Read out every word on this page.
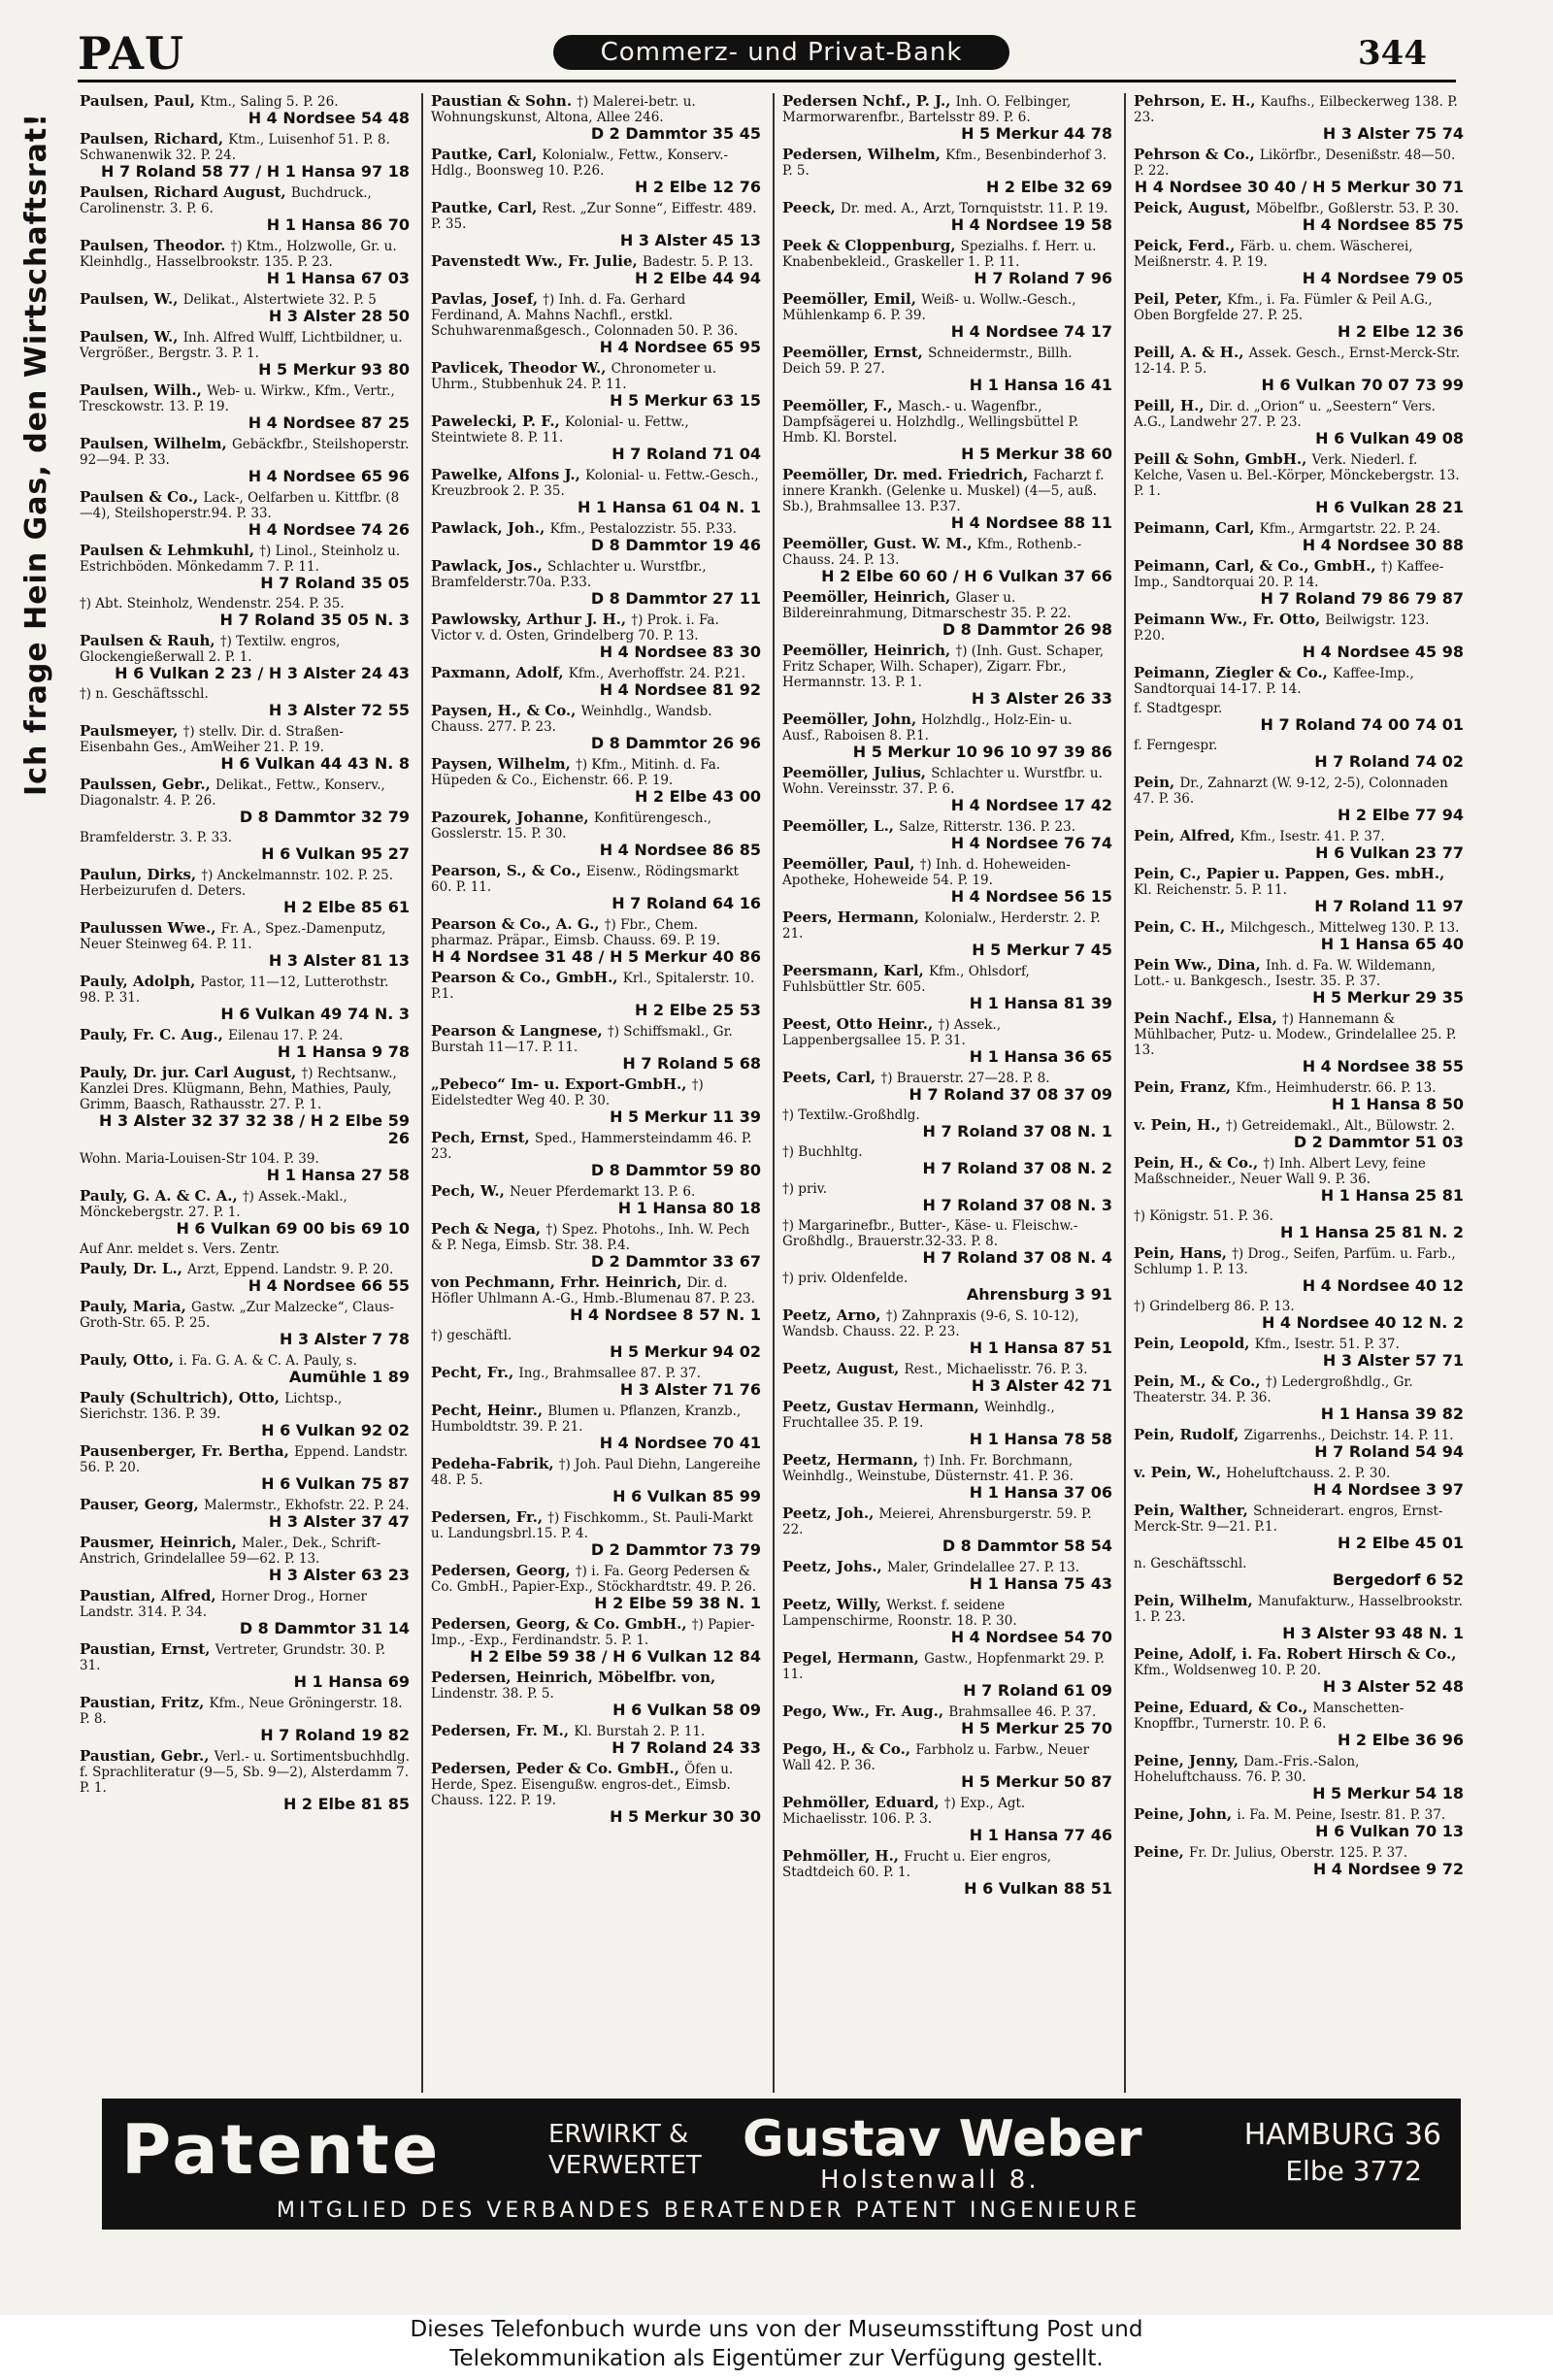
PAU	Commerz- und Privat-Bank	344
Ich frage Hein Gas, den Wirtschaftsrat!
Paulsen, Paul, Ktm., Saling 5. P. 26.
H 4 Nordsee 54 48
Paulsen, Richard, Ktm., Luisenhof 51. P. 8. Schwanenwik 32. P. 24.
H 7 Roland 58 77 / H 1 Hansa 97 18
Paulsen, Richard August, Buchdruck., Carolinenstr. 3. P. 6.
H 1 Hansa 86 70
Paulsen, Theodor. †) Ktm., Holzwolle, Gr. u. Kleinhdlg., Hasselbrookstr. 135. P. 23.
H 1 Hansa 67 03
Paulsen, W., Delikat., Alstertwiete 32. P. 5
H 3 Alster 28 50
Paulsen, W., Inh. Alfred Wulff, Lichtbildner, u. Vergrößer., Bergstr. 3. P. 1.
H 5 Merkur 93 80
Paulsen, Wilh., Web- u. Wirkw., Kfm., Vertr., Tresckowstr. 13. P. 19.
H 4 Nordsee 87 25
Paulsen, Wilhelm, Gebäckfbr., Steilshoperstr. 92—94. P. 33.
H 4 Nordsee 65 96
Paulsen & Co., Lack-, Oelfarben u. Kittfbr. (8—4), Steilshoperstr.94. P. 33.
H 4 Nordsee 74 26
Paulsen & Lehmkuhl, †) Linol., Steinholz u. Estrichböden. Mönkedamm 7. P. 11.
H 7 Roland 35 05
†) Abt. Steinholz, Wendenstr. 254. P. 35.
H 7 Roland 35 05 N. 3
Paulsen & Rauh, †) Textilw. engros, Glockengießerwall 2. P. 1.
H 6 Vulkan 2 23 / H 3 Alster 24 43
†) n. Geschäftsschl.
H 3 Alster 72 55
Paulsmeyer, †) stellv. Dir. d. Straßen-Eisenbahn Ges., AmWeiher 21. P. 19.
H 6 Vulkan 44 43 N. 8
Paulssen, Gebr., Delikat., Fettw., Konserv., Diagonalstr. 4. P. 26.
D 8 Dammtor 32 79
Bramfelderstr. 3. P. 33.
H 6 Vulkan 95 27
Paulun, Dirks, †) Anckelmannstr. 102. P. 25. Herbeizurufen d. Deters.
H 2 Elbe 85 61
Paulussen Wwe., Fr. A., Spez.-Damenputz, Neuer Steinweg 64. P. 11.
H 3 Alster 81 13
Pauly, Adolph, Pastor, 11—12, Lutterothstr. 98. P. 31.
H 6 Vulkan 49 74 N. 3
Pauly, Fr. C. Aug., Eilenau 17. P. 24.
H 1 Hansa 9 78
Pauly, Dr. jur. Carl August, †) Rechtsanw., Kanzlei Dres. Klügmann, Behn, Mathies, Pauly, Grimm, Baasch, Rathausstr. 27. P. 1.
H 3 Alster 32 37 32 38 / H 2 Elbe 59 26
Wohn. Maria-Louisen-Str 104. P. 39.
H 1 Hansa 27 58
Pauly, G. A. & C. A., †) Assek.-Makl., Mönckebergstr. 27. P. 1.
H 6 Vulkan 69 00 bis 69 10
Auf Anr. meldet s. Vers. Zentr.
Pauly, Dr. L., Arzt, Eppend. Landstr. 9. P. 20.
H 4 Nordsee 66 55
Pauly, Maria, Gastw. „Zur Malzecke“, Claus-Groth-Str. 65. P. 25.
H 3 Alster 7 78
Pauly, Otto, i. Fa. G. A. & C. A. Pauly, s.
Aumühle 1 89
Pauly (Schultrich), Otto, Lichtsp., Sierichstr. 136. P. 39.
H 6 Vulkan 92 02
Pausenberger, Fr. Bertha, Eppend. Landstr. 56. P. 20.
H 6 Vulkan 75 87
Pauser, Georg, Malermstr., Ekhofstr. 22. P. 24.
H 3 Alster 37 47
Pausmer, Heinrich, Maler., Dek., Schrift-Anstrich, Grindelallee 59—62. P. 13.
H 3 Alster 63 23
Paustian, Alfred, Horner Drog., Horner Landstr. 314. P. 34.
D 8 Dammtor 31 14
Paustian, Ernst, Vertreter, Grundstr. 30. P. 31.
H 1 Hansa 69
Paustian, Fritz, Kfm., Neue Gröningerstr. 18. P. 8.
H 7 Roland 19 82
Paustian, Gebr., Verl.- u. Sortimentsbuchhdlg. f. Sprachliteratur (9—5, Sb. 9—2), Alsterdamm 7. P. 1.
H 2 Elbe 81 85
Paustian & Sohn. †) Malerei-betr. u. Wohnungskunst, Altona, Allee 246.
D 2 Dammtor 35 45
Pautke, Carl, Kolonialw., Fettw., Konserv.-Hdlg., Boonsweg 10. P.26.
H 2 Elbe 12 76
Pautke, Carl, Rest. „Zur Sonne“, Eiffestr. 489. P. 35.
H 3 Alster 45 13
Pavenstedt Ww., Fr. Julie, Badestr. 5. P. 13.
H 2 Elbe 44 94
Pavlas, Josef, †) Inh. d. Fa. Gerhard Ferdinand, A. Mahns Nachfl., erstkl. Schuhwarenmaßgesch., Colonnaden 50. P. 36.
H 4 Nordsee 65 95
Pavlicek, Theodor W., Chronometer u. Uhrm., Stubbenhuk 24. P. 11.
H 5 Merkur 63 15
Pawelecki, P. F., Kolonial- u. Fettw., Steintwiete 8. P. 11.
H 7 Roland 71 04
Pawelke, Alfons J., Kolonial- u. Fettw.-Gesch., Kreuzbrook 2. P. 35.
H 1 Hansa 61 04 N. 1
Pawlack, Joh., Kfm., Pestalozzistr. 55. P.33.
D 8 Dammtor 19 46
Pawlack, Jos., Schlachter u. Wurstfbr., Bramfelderstr.70a. P.33.
D 8 Dammtor 27 11
Pawlowsky, Arthur J. H., †) Prok. i. Fa. Victor v. d. Osten, Grindelberg 70. P. 13.
H 4 Nordsee 83 30
Paxmann, Adolf, Kfm., Averhoffstr. 24. P.21.
H 4 Nordsee 81 92
Paysen, H., & Co., Weinhdlg., Wandsb. Chauss. 277. P. 23.
D 8 Dammtor 26 96
Paysen, Wilhelm, †) Kfm., Mitinh. d. Fa. Hüpeden & Co., Eichenstr. 66. P. 19.
H 2 Elbe 43 00
Pazourek, Johanne, Konfitürengesch., Gosslerstr. 15. P. 30.
H 4 Nordsee 86 85
Pearson, S., & Co., Eisenw., Rödingsmarkt 60. P. 11.
H 7 Roland 64 16
Pearson & Co., A. G., †) Fbr., Chem. pharmaz. Präpar., Eimsb. Chauss. 69. P. 19.
H 4 Nordsee 31 48 / H 5 Merkur 40 86
Pearson & Co., GmbH., Krl., Spitalerstr. 10. P.1.
H 2 Elbe 25 53
Pearson & Langnese, †) Schiffsmakl., Gr. Burstah 11—17. P. 11.
H 7 Roland 5 68
„Pebeco“ Im- u. Export-GmbH., †) Eidelstedter Weg 40. P. 30.
H 5 Merkur 11 39
Pech, Ernst, Sped., Hammersteindamm 46. P. 23.
D 8 Dammtor 59 80
Pech, W., Neuer Pferdemarkt 13. P. 6.
H 1 Hansa 80 18
Pech & Nega, †) Spez. Photohs., Inh. W. Pech & P. Nega, Eimsb. Str. 38. P.4.
D 2 Dammtor 33 67
von Pechmann, Frhr. Heinrich, Dir. d. Höfler Uhlmann A.-G., Hmb.-Blumenau 87. P. 23.
H 4 Nordsee 8 57 N. 1
†) geschäftl.
H 5 Merkur 94 02
Pecht, Fr., Ing., Brahmsallee 87. P. 37.
H 3 Alster 71 76
Pecht, Heinr., Blumen u. Pflanzen, Kranzb., Humboldtstr. 39. P. 21.
H 4 Nordsee 70 41
Pedeha-Fabrik, †) Joh. Paul Diehn, Langereihe 48. P. 5.
H 6 Vulkan 85 99
Pedersen, Fr., †) Fischkomm., St. Pauli-Markt u. Landungsbrl.15. P. 4.
D 2 Dammtor 73 79
Pedersen, Georg, †) i. Fa. Georg Pedersen & Co. GmbH., Papier-Exp., Stöckhardtstr. 49. P. 26.
H 2 Elbe 59 38 N. 1
Pedersen, Georg, & Co. GmbH., †) Papier-Imp., -Exp., Ferdinandstr. 5. P. 1.
H 2 Elbe 59 38 / H 6 Vulkan 12 84
Pedersen, Heinrich, Möbelfbr. von, Lindenstr. 38. P. 5.
H 6 Vulkan 58 09
Pedersen, Fr. M., Kl. Burstah 2. P. 11.
H 7 Roland 24 33
Pedersen, Peder & Co. GmbH., Öfen u. Herde, Spez. Eisengußw. engros-det., Eimsb. Chauss. 122. P. 19.
H 5 Merkur 30 30
Pedersen Nchf., P. J., Inh. O. Felbinger, Marmorwarenfbr., Bartelsstr 89. P. 6.
H 5 Merkur 44 78
Pedersen, Wilhelm, Kfm., Besenbinderhof 3. P. 5.
H 2 Elbe 32 69
Peeck, Dr. med. A., Arzt, Tornquiststr. 11. P. 19.
H 4 Nordsee 19 58
Peek & Cloppenburg, Spezialhs. f. Herr. u. Knabenbekleid., Graskeller 1. P. 11.
H 7 Roland 7 96
Peemöller, Emil, Weiß- u. Wollw.-Gesch., Mühlenkamp 6. P. 39.
H 4 Nordsee 74 17
Peemöller, Ernst, Schneidermstr., Billh. Deich 59. P. 27.
H 1 Hansa 16 41
Peemöller, F., Masch.- u. Wagenfbr., Dampfsägerei u. Holzhdlg., Wellingsbüttel P. Hmb. Kl. Borstel.
H 5 Merkur 38 60
Peemöller, Dr. med. Friedrich, Facharzt f. innere Krankh. (Gelenke u. Muskel) (4—5, auß. Sb.), Brahmsallee 13. P.37.
H 4 Nordsee 88 11
Peemöller, Gust. W. M., Kfm., Rothenb.-Chauss. 24. P. 13.
H 2 Elbe 60 60 / H 6 Vulkan 37 66
Peemöller, Heinrich, Glaser u. Bildereinrahmung, Ditmarschestr 35. P. 22.
D 8 Dammtor 26 98
Peemöller, Heinrich, †) (Inh. Gust. Schaper, Fritz Schaper, Wilh. Schaper), Zigarr. Fbr., Hermannstr. 13. P. 1.
H 3 Alster 26 33
Peemöller, John, Holzhdlg., Holz-Ein- u. Ausf., Raboisen 8. P.1.
H 5 Merkur 10 96 10 97 39 86
Peemöller, Julius, Schlachter u. Wurstfbr. u. Wohn. Vereinsstr. 37. P. 6.
H 4 Nordsee 17 42
Peemöller, L., Salze, Ritterstr. 136. P. 23.
H 4 Nordsee 76 74
Peemöller, Paul, †) Inh. d. Hoheweiden-Apotheke, Hoheweide 54. P. 19.
H 4 Nordsee 56 15
Peers, Hermann, Kolonialw., Herderstr. 2. P. 21.
H 5 Merkur 7 45
Peersmann, Karl, Kfm., Ohlsdorf, Fuhlsbüttler Str. 605.
H 1 Hansa 81 39
Peest, Otto Heinr., †) Assek., Lappenbergsallee 15. P. 31.
H 1 Hansa 36 65
Peets, Carl, †) Brauerstr. 27—28. P. 8.
H 7 Roland 37 08 37 09
†) Textilw.-Großhdlg.
H 7 Roland 37 08 N. 1
†) Buchhltg.
H 7 Roland 37 08 N. 2
†) priv.
H 7 Roland 37 08 N. 3
†) Margarinefbr., Butter-, Käse- u. Fleischw.-Großhdlg., Brauerstr.32-33. P. 8.
H 7 Roland 37 08 N. 4
†) priv. Oldenfelde.
Ahrensburg 3 91
Peetz, Arno, †) Zahnpraxis (9-6, S. 10-12), Wandsb. Chauss. 22. P. 23.
H 1 Hansa 87 51
Peetz, August, Rest., Michaelisstr. 76. P. 3.
H 3 Alster 42 71
Peetz, Gustav Hermann, Weinhdlg., Fruchtallee 35. P. 19.
H 1 Hansa 78 58
Peetz, Hermann, †) Inh. Fr. Borchmann, Weinhdlg., Weinstube, Düsternstr. 41. P. 36.
H 1 Hansa 37 06
Peetz, Joh., Meierei, Ahrensburgerstr. 59. P. 22.
D 8 Dammtor 58 54
Peetz, Johs., Maler, Grindelallee 27. P. 13.
H 1 Hansa 75 43
Peetz, Willy, Werkst. f. seidene Lampenschirme, Roonstr. 18. P. 30.
H 4 Nordsee 54 70
Pegel, Hermann, Gastw., Hopfenmarkt 29. P. 11.
H 7 Roland 61 09
Pego, Ww., Fr. Aug., Brahmsallee 46. P. 37.
H 5 Merkur 25 70
Pego, H., & Co., Farbholz u. Farbw., Neuer Wall 42. P. 36.
H 5 Merkur 50 87
Pehmöller, Eduard, †) Exp., Agt. Michaelisstr. 106. P. 3.
H 1 Hansa 77 46
Pehmöller, H., Frucht u. Eier engros, Stadtdeich 60. P. 1.
H 6 Vulkan 88 51
Pehrson, E. H., Kaufhs., Eilbeckerweg 138. P. 23.
H 3 Alster 75 74
Pehrson & Co., Likörfbr., Desenißstr. 48—50. P. 22.
H 4 Nordsee 30 40 / H 5 Merkur 30 71
Peick, August, Möbelfbr., Goßlerstr. 53. P. 30.
H 4 Nordsee 85 75
Peick, Ferd., Färb. u. chem. Wäscherei, Meißnerstr. 4. P. 19.
H 4 Nordsee 79 05
Peil, Peter, Kfm., i. Fa. Fümler & Peil A.G., Oben Borgfelde 27. P. 25.
H 2 Elbe 12 36
Peill, A. & H., Assek. Gesch., Ernst-Merck-Str. 12-14. P. 5.
H 6 Vulkan 70 07 73 99
Peill, H., Dir. d. „Orion“ u. „Seestern“ Vers. A.G., Landwehr 27. P. 23.
H 6 Vulkan 49 08
Peill & Sohn, GmbH., Verk. Niederl. f. Kelche, Vasen u. Bel.-Körper, Mönckebergstr. 13. P. 1.
H 6 Vulkan 28 21
Peimann, Carl, Kfm., Armgartstr. 22. P. 24.
H 4 Nordsee 30 88
Peimann, Carl, & Co., GmbH., †) Kaffee-Imp., Sandtorquai 20. P. 14.
H 7 Roland 79 86 79 87
Peimann Ww., Fr. Otto, Beilwigstr. 123. P.20.
H 4 Nordsee 45 98
Peimann, Ziegler & Co., Kaffee-Imp., Sandtorquai 14-17. P. 14.
f. Stadtgespr.
H 7 Roland 74 00 74 01
f. Ferngespr.
H 7 Roland 74 02
Pein, Dr., Zahnarzt (W. 9-12, 2-5), Colonnaden 47. P. 36.
H 2 Elbe 77 94
Pein, Alfred, Kfm., Isestr. 41. P. 37.
H 6 Vulkan 23 77
Pein, C., Papier u. Pappen, Ges. mbH., Kl. Reichenstr. 5. P. 11.
H 7 Roland 11 97
Pein, C. H., Milchgesch., Mittelweg 130. P. 13.
H 1 Hansa 65 40
Pein Ww., Dina, Inh. d. Fa. W. Wildemann, Lott.- u. Bankgesch., Isestr. 35. P. 37.
H 5 Merkur 29 35
Pein Nachf., Elsa, †) Hannemann & Mühlbacher, Putz- u. Modew., Grindelallee 25. P. 13.
H 4 Nordsee 38 55
Pein, Franz, Kfm., Heimhuderstr. 66. P. 13.
H 1 Hansa 8 50
v. Pein, H., †) Getreidemakl., Alt., Bülowstr. 2.
D 2 Dammtor 51 03
Pein, H., & Co., †) Inh. Albert Levy, feine Maßschneider., Neuer Wall 9. P. 36.
H 1 Hansa 25 81
†) Königstr. 51. P. 36.
H 1 Hansa 25 81 N. 2
Pein, Hans, †) Drog., Seifen, Parfüm. u. Farb., Schlump 1. P. 13.
H 4 Nordsee 40 12
†) Grindelberg 86. P. 13.
H 4 Nordsee 40 12 N. 2
Pein, Leopold, Kfm., Isestr. 51. P. 37.
H 3 Alster 57 71
Pein, M., & Co., †) Ledergroßhdlg., Gr. Theaterstr. 34. P. 36.
H 1 Hansa 39 82
Pein, Rudolf, Zigarrenhs., Deichstr. 14. P. 11.
H 7 Roland 54 94
v. Pein, W., Hoheluftchauss. 2. P. 30.
H 4 Nordsee 3 97
Pein, Walther, Schneiderart. engros, Ernst-Merck-Str. 9—21. P.1.
H 2 Elbe 45 01
n. Geschäftsschl.
Bergedorf 6 52
Pein, Wilhelm, Manufakturw., Hasselbrookstr. 1. P. 23.
H 3 Alster 93 48 N. 1
Peine, Adolf, i. Fa. Robert Hirsch & Co., Kfm., Woldsenweg 10. P. 20.
H 3 Alster 52 48
Peine, Eduard, & Co., Manschetten-Knopffbr., Turnerstr. 10. P. 6.
H 2 Elbe 36 96
Peine, Jenny, Dam.-Fris.-Salon, Hoheluftchauss. 76. P. 30.
H 5 Merkur 54 18
Peine, John, i. Fa. M. Peine, Isestr. 81. P. 37.
H 6 Vulkan 70 13
Peine, Fr. Dr. Julius, Oberstr. 125. P. 37.
H 4 Nordsee 9 72
Patente	ERWIRKT &
VERWERTET Gustav Weber
Holstenwall 8.
HAMBURG 36
Elbe 3772
MITGLIED DES VERBANDES BERATENDER PATENT INGENIEURE
Dieses Telefonbuch wurde uns von der Museumsstiftung Post und
Telekommunikation als Eigentümer zur Verfügung gestellt.
